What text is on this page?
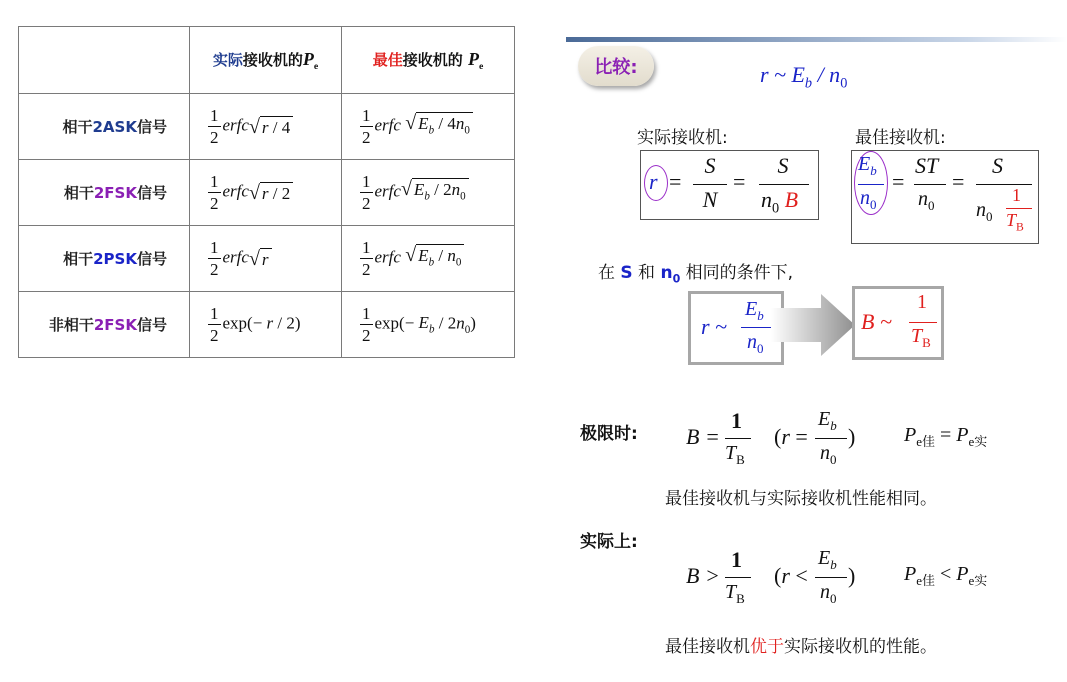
	实际接收机的$P_e$	最佳接收机的 $P_e$
相干2ASK信号	$\frac{1}{2}$ erfc √ r / 4	$\frac{1}{2}$ erfc √ $E_b / 4n_0$

相干2FSK信号	$\frac{1}{2}$ erfc √ r / 2	$\frac{1}{2}$ erfc √ $E_b / 2n_0$

相干2PSK信号	$\frac{1}{2}$ erfc √ r	$\frac{1}{2}$ erfc √ $E_b / n_0$

非相干2FSK信号	$\frac{1}{2} \exp(- r / 2)$	$\frac{1}{2} \exp(- E_b / 2n_0)$
比较:	r ~ $E_b / n_0$
实际接收机:	最佳接收机:
r =
S
N
=
S
$n_0$ B
$E_b$
$n_0$
=
ST
$n_0$
=
S
$n_0$
1
$T_B$
在 S 和 $n_0$ 相同的条件下,
r ~
$E_b$
$n_0$
B ~
1
$T_B$
极限时: B =
1
$T_B$
(r =
$E_b$
$n_0$
) $P_{e佳} = P_{e实}$
最佳接收机与实际接收机性能相同。
实际上:
B >
1
$T_B$
(r <
$E_b$
$n_0$
) $P_{e佳} < P_{e实}$
最佳接收机优于实际接收机的性能。
